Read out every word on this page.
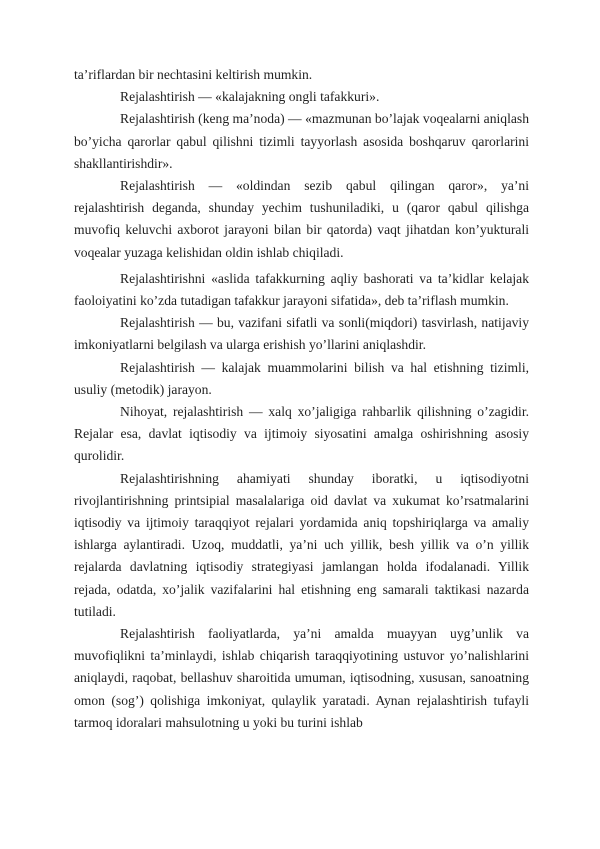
ta’riflardan bir nechtasini keltirish mumkin.

Rejalashtirish — «kalajakning ongli tafakkuri».

Rejalashtirish (keng ma’noda) — «mazmunan bo’lajak voqealarni aniqlash bo’yicha qarorlar qabul qilishni tizimli tayyorlash asosida boshqaruv qarorlarini shakllantirishdir».

Rejalashtirish — «oldindan sezib qabul qilingan qaror», ya’ni rejalashtirish deganda, shunday yechim tushuniladiki, u (qaror qabul qilishga muvofiq keluvchi axborot jarayoni bilan bir qatorda) vaqt jihatdan kon’yukturali voqealar yuzaga kelishidan oldin ishlab chiqiladi.

Rejalashtirishni «aslida tafakkurning aqliy bashorati va ta’kidlar kelajak faoloiyatini ko’zda tutadigan tafakkur jarayoni sifatida», deb ta’riflash mumkin.

Rejalashtirish — bu, vazifani sifatli va sonli(miqdori) tasvirlash, natijaviy imkoniyatlarni belgilash va ularga erishish yo’llarini aniqlashdir.

Rejalashtirish — kalajak muammolarini bilish va hal etishning tizimli, usuliy (metodik) jarayon.

Nihoyat, rejalashtirish — xalq xo’jaligiga rahbarlik qilishning o’zagidir. Rejalar esa, davlat iqtisodiy va ijtimoiy siyosatini amalga oshirishning asosiy qurolidir.

Rejalashtirishning ahamiyati shunday iboratki, u iqtisodiyotni rivojlantirishning printsipial masalalariga oid davlat va xukumat ko’rsatmalarini iqtisodiy va ijtimoiy taraqqiyot rejalari yordamida aniq topshiriqlarga va amaliy ishlarga aylantiradi. Uzoq, muddatli, ya’ni uch yillik, besh yillik va o’n yillik rejalarda davlatning iqtisodiy strategiyasi jamlangan holda ifodalanadi. Yillik rejada, odatda, xo’jalik vazifalarini hal etishning eng samarali taktikasi nazarda tutiladi.

Rejalashtirish faoliyatlarda, ya’ni amalda muayyan uyg’unlik va muvofiqlikni ta’minlaydi, ishlab chiqarish taraqqiyotining ustuvor yo’nalishlarini aniqlaydi, raqobat, bellashuv sharoitida umuman, iqtisodning, xususan, sanoatning omon (sog’) qolishiga imkoniyat, qulaylik yaratadi. Aynan rejalashtirish tufayli tarmoq idoralari mahsulotning u yoki bu turini ishlab
